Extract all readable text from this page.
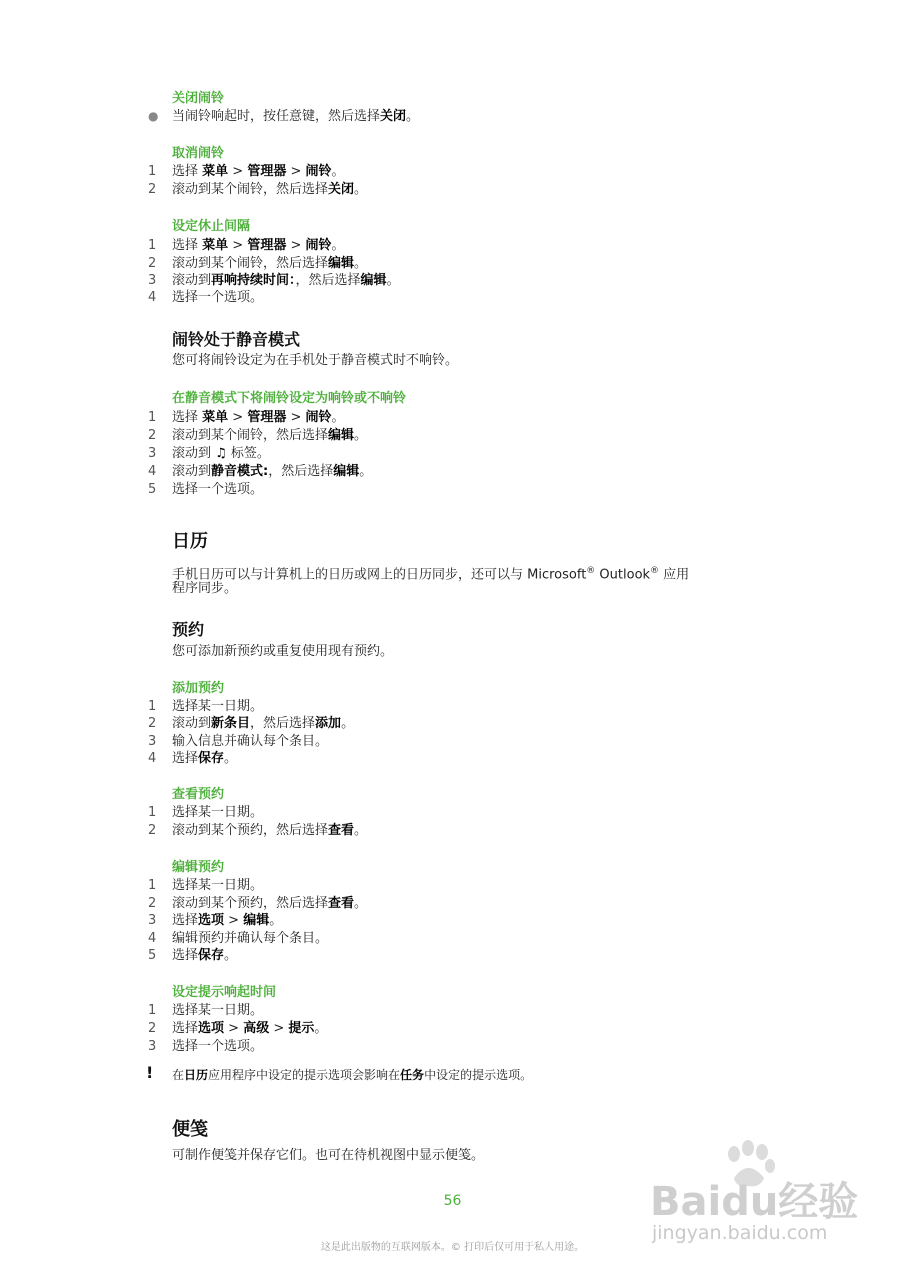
关闭闹铃
● 当闹铃响起时，按任意键，然后选择关闭。
取消闹铃
1 选择 菜单 > 管理器 > 闹铃。
2 滚动到某个闹铃，然后选择关闭。
设定休止间隔
1 选择 菜单 > 管理器 > 闹铃。
2 滚动到某个闹铃，然后选择编辑。
3 滚动到再响持续时间：，然后选择编辑。
4 选择一个选项。
闹铃处于静音模式
您可将闹铃设定为在手机处于静音模式时不响铃。
在静音模式下将闹铃设定为响铃或不响铃
1 选择 菜单 > 管理器 > 闹铃。
2 滚动到某个闹铃，然后选择编辑。
3 滚动到 ♫ 标签。
4 滚动到静音模式:，然后选择编辑。
5 选择一个选项。
日历
手机日历可以与计算机上的日历或网上的日历同步，还可以与 Microsoft® Outlook® 应用
程序同步。
预约
您可添加新预约或重复使用现有预约。
添加预约
1 选择某一日期。
2 滚动到新条目，然后选择添加。
3 输入信息并确认每个条目。
4 选择保存。
查看预约
1 选择某一日期。
2 滚动到某个预约，然后选择查看。
编辑预约
1 选择某一日期。
2 滚动到某个预约，然后选择查看。
3 选择选项 > 编辑。
4 编辑预约并确认每个条目。
5 选择保存。
设定提示响起时间
1 选择某一日期。
2 选择选项 > 高级 > 提示。
3 选择一个选项。
! 在日历应用程序中设定的提示选项会影响在任务中设定的提示选项。
便笺
可制作便笺并保存它们。也可在待机视图中显示便笺。
Baidu经验
jingyan.baidu.com
56
这是此出版物的互联网版本。© 打印后仅可用于私人用途。
